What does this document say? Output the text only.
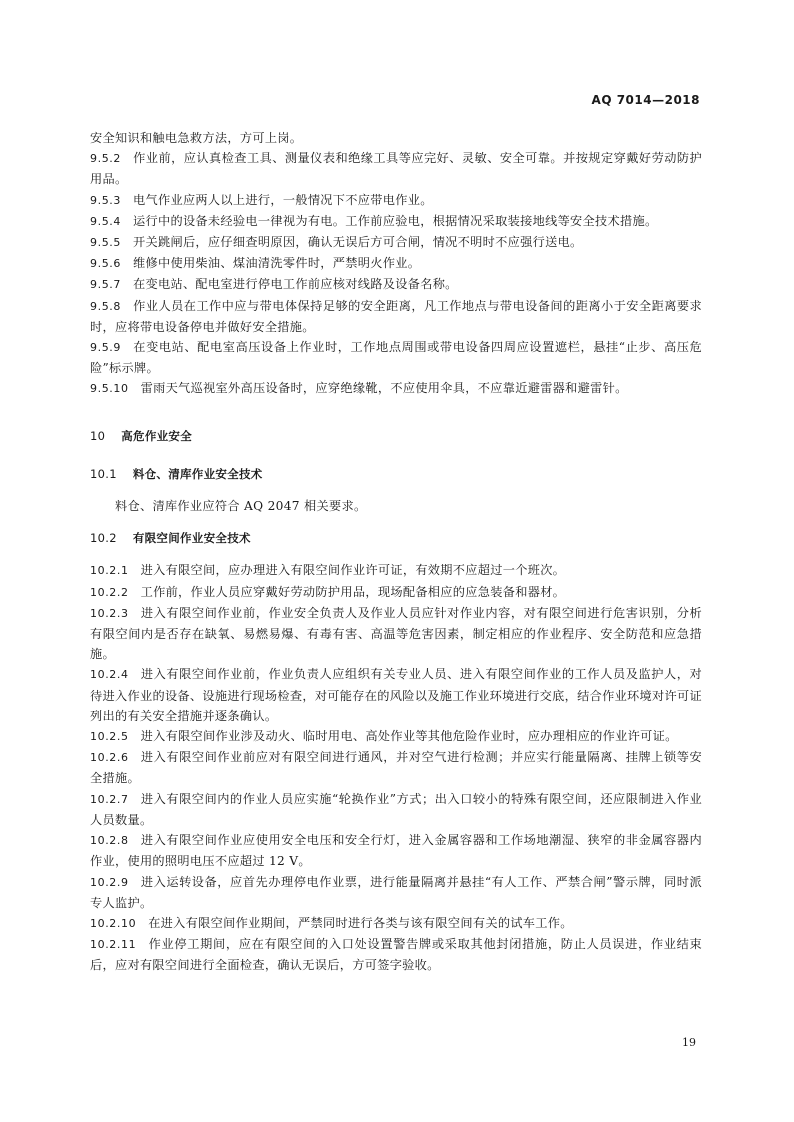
AQ 7014—2018

安全知识和触电急救方法，方可上岗。

9.5.2 作业前，应认真检查工具、测量仪表和绝缘工具等应完好、灵敏、安全可靠。并按规定穿戴好劳动防护用品。

9.5.3 电气作业应两人以上进行，一般情况下不应带电作业。

9.5.4 运行中的设备未经验电一律视为有电。工作前应验电，根据情况采取装接地线等安全技术措施。

9.5.5 开关跳闸后，应仔细查明原因，确认无误后方可合闸，情况不明时不应强行送电。

9.5.6 维修中使用柴油、煤油清洗零件时，严禁明火作业。

9.5.7 在变电站、配电室进行停电工作前应核对线路及设备名称。

9.5.8 作业人员在工作中应与带电体保持足够的安全距离，凡工作地点与带电设备间的距离小于安全距离要求时，应将带电设备停电并做好安全措施。

9.5.9 在变电站、配电室高压设备上作业时，工作地点周围或带电设备四周应设置遮栏，悬挂“止步、高压危险”标示牌。

9.5.10 雷雨天气巡视室外高压设备时，应穿绝缘靴，不应使用伞具，不应靠近避雷器和避雷针。

10 高危作业安全
10.1 料仓、清库作业安全技术

料仓、清库作业应符合 AQ 2047 相关要求。

10.2 有限空间作业安全技术

10.2.1 进入有限空间，应办理进入有限空间作业许可证，有效期不应超过一个班次。

10.2.2 工作前，作业人员应穿戴好劳动防护用品，现场配备相应的应急装备和器材。

10.2.3 进入有限空间作业前，作业安全负责人及作业人员应针对作业内容，对有限空间进行危害识别，分析有限空间内是否存在缺氧、易燃易爆、有毒有害、高温等危害因素，制定相应的作业程序、安全防范和应急措施。

10.2.4 进入有限空间作业前，作业负责人应组织有关专业人员、进入有限空间作业的工作人员及监护人，对待进入作业的设备、设施进行现场检查，对可能存在的风险以及施工作业环境进行交底，结合作业环境对许可证列出的有关安全措施并逐条确认。

10.2.5 进入有限空间作业涉及动火、临时用电、高处作业等其他危险作业时，应办理相应的作业许可证。

10.2.6 进入有限空间作业前应对有限空间进行通风，并对空气进行检测；并应实行能量隔离、挂牌上锁等安全措施。

10.2.7 进入有限空间内的作业人员应实施“轮换作业”方式；出入口较小的特殊有限空间，还应限制进入作业人员数量。

10.2.8 进入有限空间作业应使用安全电压和安全行灯，进入金属容器和工作场地潮湿、狭窄的非金属容器内作业，使用的照明电压不应超过 12 V。

10.2.9 进入运转设备，应首先办理停电作业票，进行能量隔离并悬挂“有人工作、严禁合闸”警示牌，同时派专人监护。

10.2.10 在进入有限空间作业期间，严禁同时进行各类与该有限空间有关的试车工作。

10.2.11 作业停工期间，应在有限空间的入口处设置警告牌或采取其他封闭措施，防止人员误进，作业结束后，应对有限空间进行全面检查，确认无误后，方可签字验收。

19
